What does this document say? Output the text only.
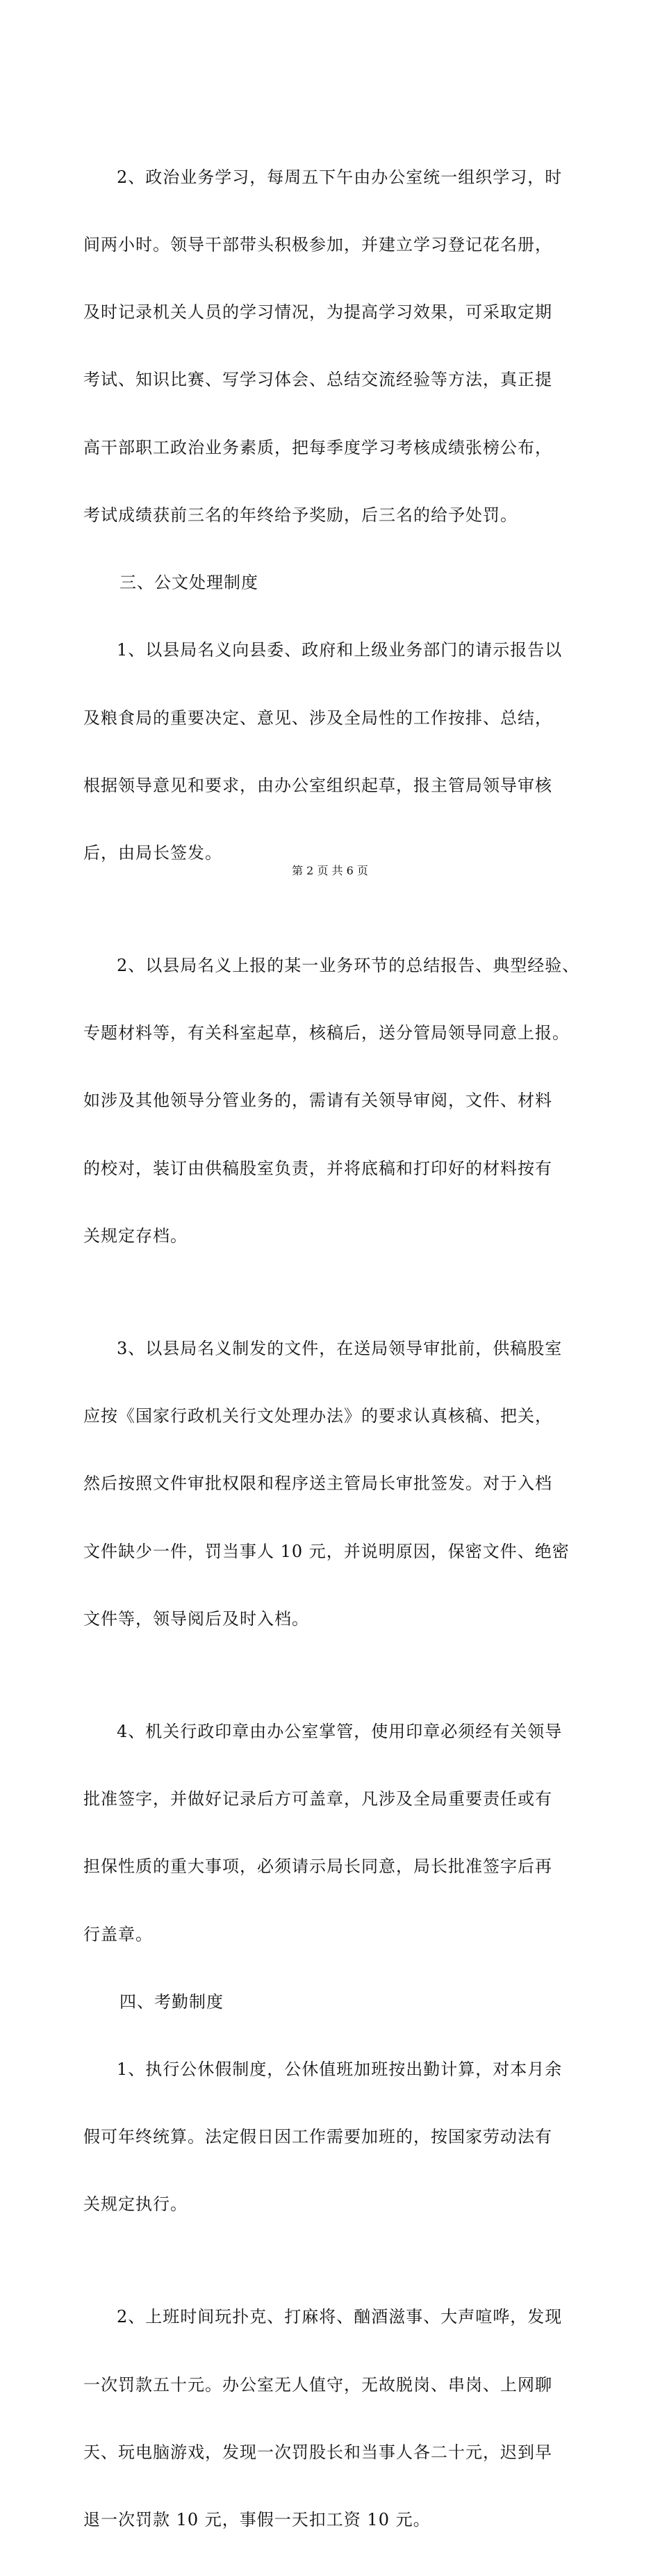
2、政治业务学习，每周五下午由办公室统一组织学习，时

间两小时。领导干部带头积极参加，并建立学习登记花名册，

及时记录机关人员的学习情况，为提高学习效果，可采取定期

考试、知识比赛、写学习体会、总结交流经验等方法，真正提

高干部职工政治业务素质，把每季度学习考核成绩张榜公布，

考试成绩获前三名的年终给予奖励，后三名的给予处罚。

三、公文处理制度

1、以县局名义向县委、政府和上级业务部门的请示报告以

及粮食局的重要决定、意见、涉及全局性的工作按排、总结，

根据领导意见和要求，由办公室组织起草，报主管局领导审核

后，由局长签发。

2、以县局名义上报的某一业务环节的总结报告、典型经验、

专题材料等，有关科室起草，核稿后，送分管局领导同意上报。

如涉及其他领导分管业务的，需请有关领导审阅，文件、材料

的校对，装订由供稿股室负责，并将底稿和打印好的材料按有

关规定存档。

3、以县局名义制发的文件，在送局领导审批前，供稿股室

应按《国家行政机关行文处理办法》的要求认真核稿、把关，

然后按照文件审批权限和程序送主管局长审批签发。对于入档

文件缺少一件，罚当事人 10 元，并说明原因，保密文件、绝密

文件等，领导阅后及时入档。

4、机关行政印章由办公室掌管，使用印章必须经有关领导

批准签字，并做好记录后方可盖章，凡涉及全局重要责任或有

担保性质的重大事项，必须请示局长同意，局长批准签字后再

行盖章。

四、考勤制度

1、执行公休假制度，公休值班加班按出勤计算，对本月余

假可年终统算。法定假日因工作需要加班的，按国家劳动法有

关规定执行。

2、上班时间玩扑克、打麻将、酗酒滋事、大声喧哗，发现

一次罚款五十元。办公室无人值守，无故脱岗、串岗、上网聊

天、玩电脑游戏，发现一次罚股长和当事人各二十元，迟到早

退一次罚款 10 元，事假一天扣工资 10 元。

第 2 页 共 6 页
